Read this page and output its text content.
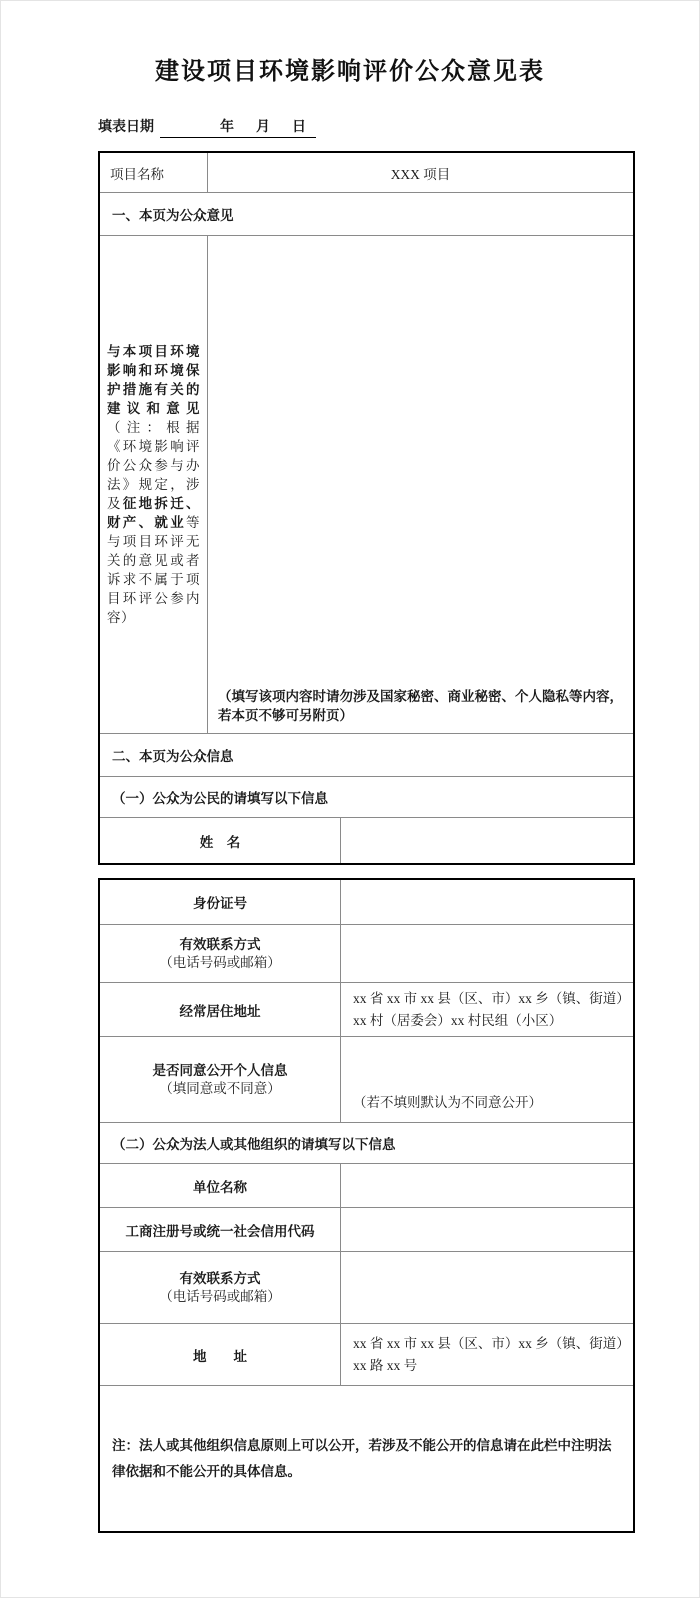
建设项目环境影响评价公众意见表
填表日期	年 月 日
项目名称	XXX 项目
一、本页为公众意见

与本项目环境影响和环境保护措施有关的建议和意见（注：根据《环境影响评价公众参与办法》规定，涉及征地拆迁、财产、就业等与项目环评无关的意见或者诉求不属于项目环评公参内容）

（填写该项内容时请勿涉及国家秘密、商业秘密、个人隐私等内容，若本页不够可另附页）
二、本页为公众信息
（一）公众为公民的请填写以下信息
姓　名
身份证号
有效联系方式
（电话号码或邮箱）
经常居住地址
xx 省 xx 市 xx 县（区、市）xx 乡（镇、街道）xx 村（居委会）xx 村民组（小区）
是否同意公开个人信息
（填同意或不同意）
（若不填则默认为不同意公开）
（二）公众为法人或其他组织的请填写以下信息
单位名称
工商注册号或统一社会信用代码
有效联系方式
（电话号码或邮箱）
地　　址
xx 省 xx 市 xx 县（区、市）xx 乡（镇、街道）xx 路 xx 号
注：法人或其他组织信息原则上可以公开，若涉及不能公开的信息请在此栏中注明法律依据和不能公开的具体信息。
